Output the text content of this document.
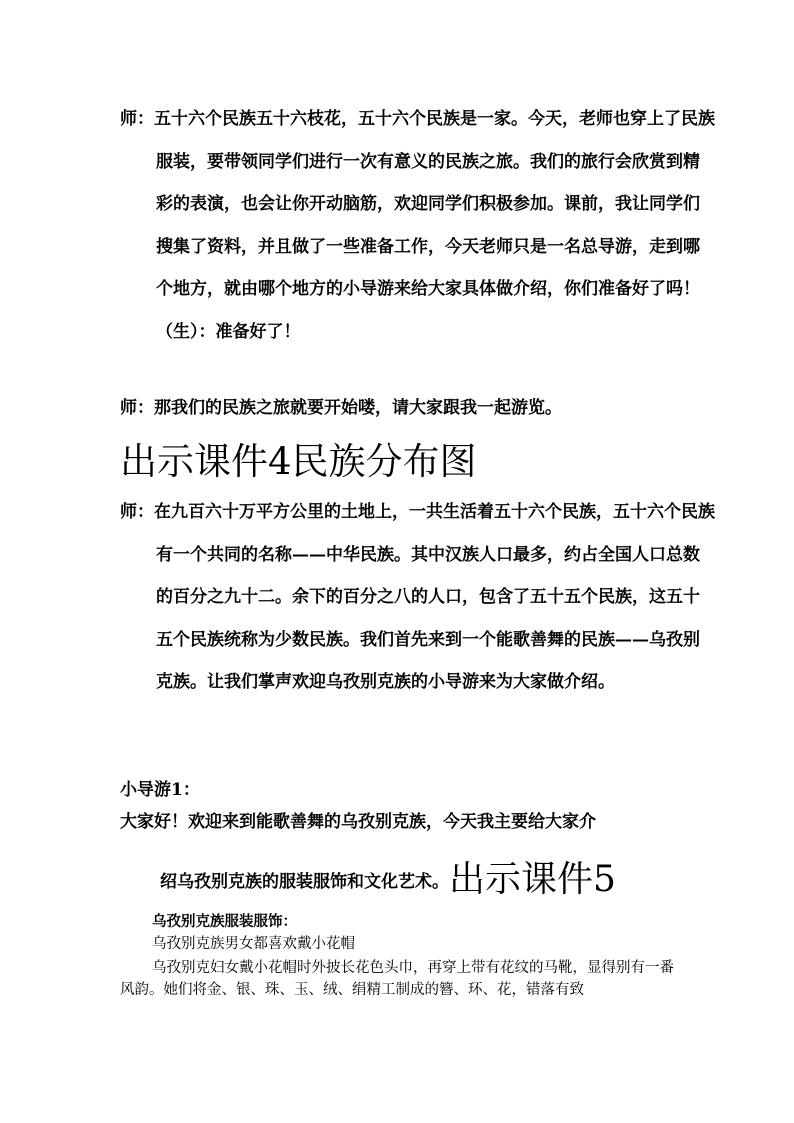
师：五十六个民族五十六枝花，五十六个民族是一家。今天，老师也穿上了民族服装，要带领同学们进行一次有意义的民族之旅。我们的旅行会欣赏到精彩的表演，也会让你开动脑筋，欢迎同学们积极参加。课前，我让同学们搜集了资料，并且做了一些准备工作，今天老师只是一名总导游，走到哪个地方，就由哪个地方的小导游来给大家具体做介绍，你们准备好了吗！（生）：准备好了！

师：那我们的民族之旅就要开始喽，请大家跟我一起游览。

出示课件4民族分布图

师：在九百六十万平方公里的土地上，一共生活着五十六个民族，五十六个民族有一个共同的名称——中华民族。其中汉族人口最多，约占全国人口总数的百分之九十二。余下的百分之八的人口，包含了五十五个民族，这五十五个民族统称为少数民族。我们首先来到一个能歌善舞的民族——乌孜别克族。让我们掌声欢迎乌孜别克族的小导游来为大家做介绍。

小导游1：

大家好！欢迎来到能歌善舞的乌孜别克族，今天我主要给大家介

绍乌孜别克族的服装服饰和文化艺术。出示课件5

乌孜别克族服装服饰：

乌孜别克族男女都喜欢戴小花帽

乌孜别克妇女戴小花帽时外披长花色头巾，再穿上带有花纹的马靴，显得别有一番风韵。她们将金、银、珠、玉、绒、绢精工制成的簪、环、花，错落有致
